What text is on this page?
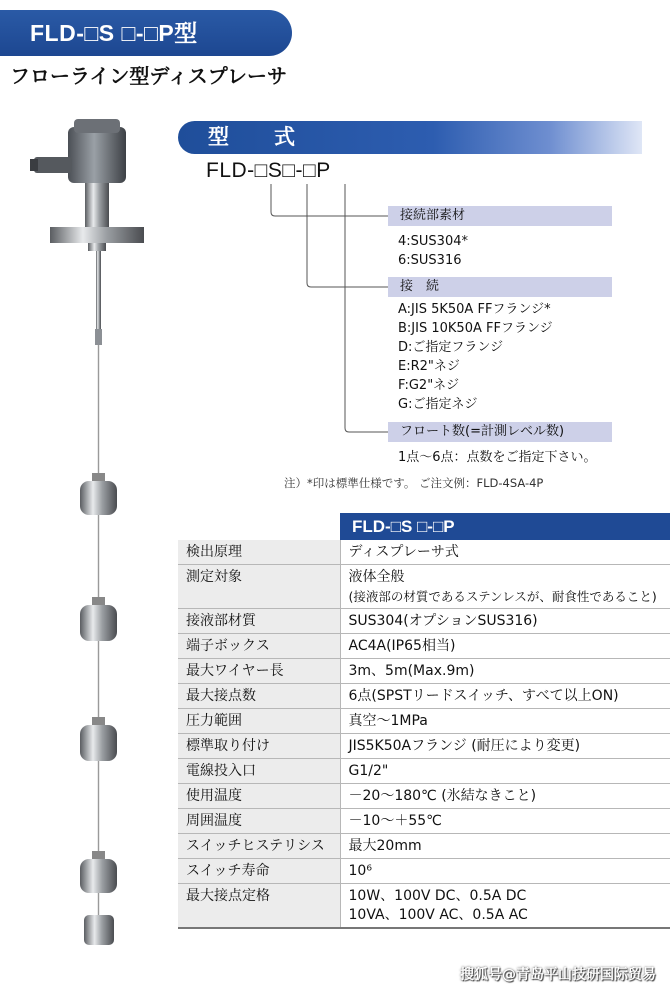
FLD-□S □-□P型
フローライン型ディスプレーサ
型　式
FLD-□S□-□P
接続部素材
4:SUS304*
6:SUS316
接　続
A:JIS 5K50A FFフランジ*
B:JIS 10K50A FFフランジ
D:ご指定フランジ
E:R2"ネジ
F:G2"ネジ
G:ご指定ネジ
フロート数(=計測レベル数)
1点～6点：点数をご指定下さい。
注）*印は標準仕様です。 ご注文例：FLD-4SA-4P
	FLD-□S □-□P
検出原理	ディスプレーサ式
測定対象	液体全般
(接液部の材質であるステンレスが、耐食性であること)

接液部材質	SUS304(オプションSUS316)
端子ボックス	AC4A(IP65相当)
最大ワイヤー長	3m、5m(Max.9m)
最大接点数	6点(SPSTリードスイッチ、すべて以上ON)
圧力範囲	真空～1MPa
標準取り付け	JIS5K50Aフランジ (耐圧により変更)
電線投入口	G1/2"
使用温度	－20～180℃ (氷結なきこと)
周囲温度	－10～＋55℃
スイッチヒステリシス	最大20mm
スイッチ寿命	10⁶
最大接点定格	10W、100V DC、0.5A DC
10VA、100V AC、0.5A AC
搜狐号@青岛平山技研国际贸易
